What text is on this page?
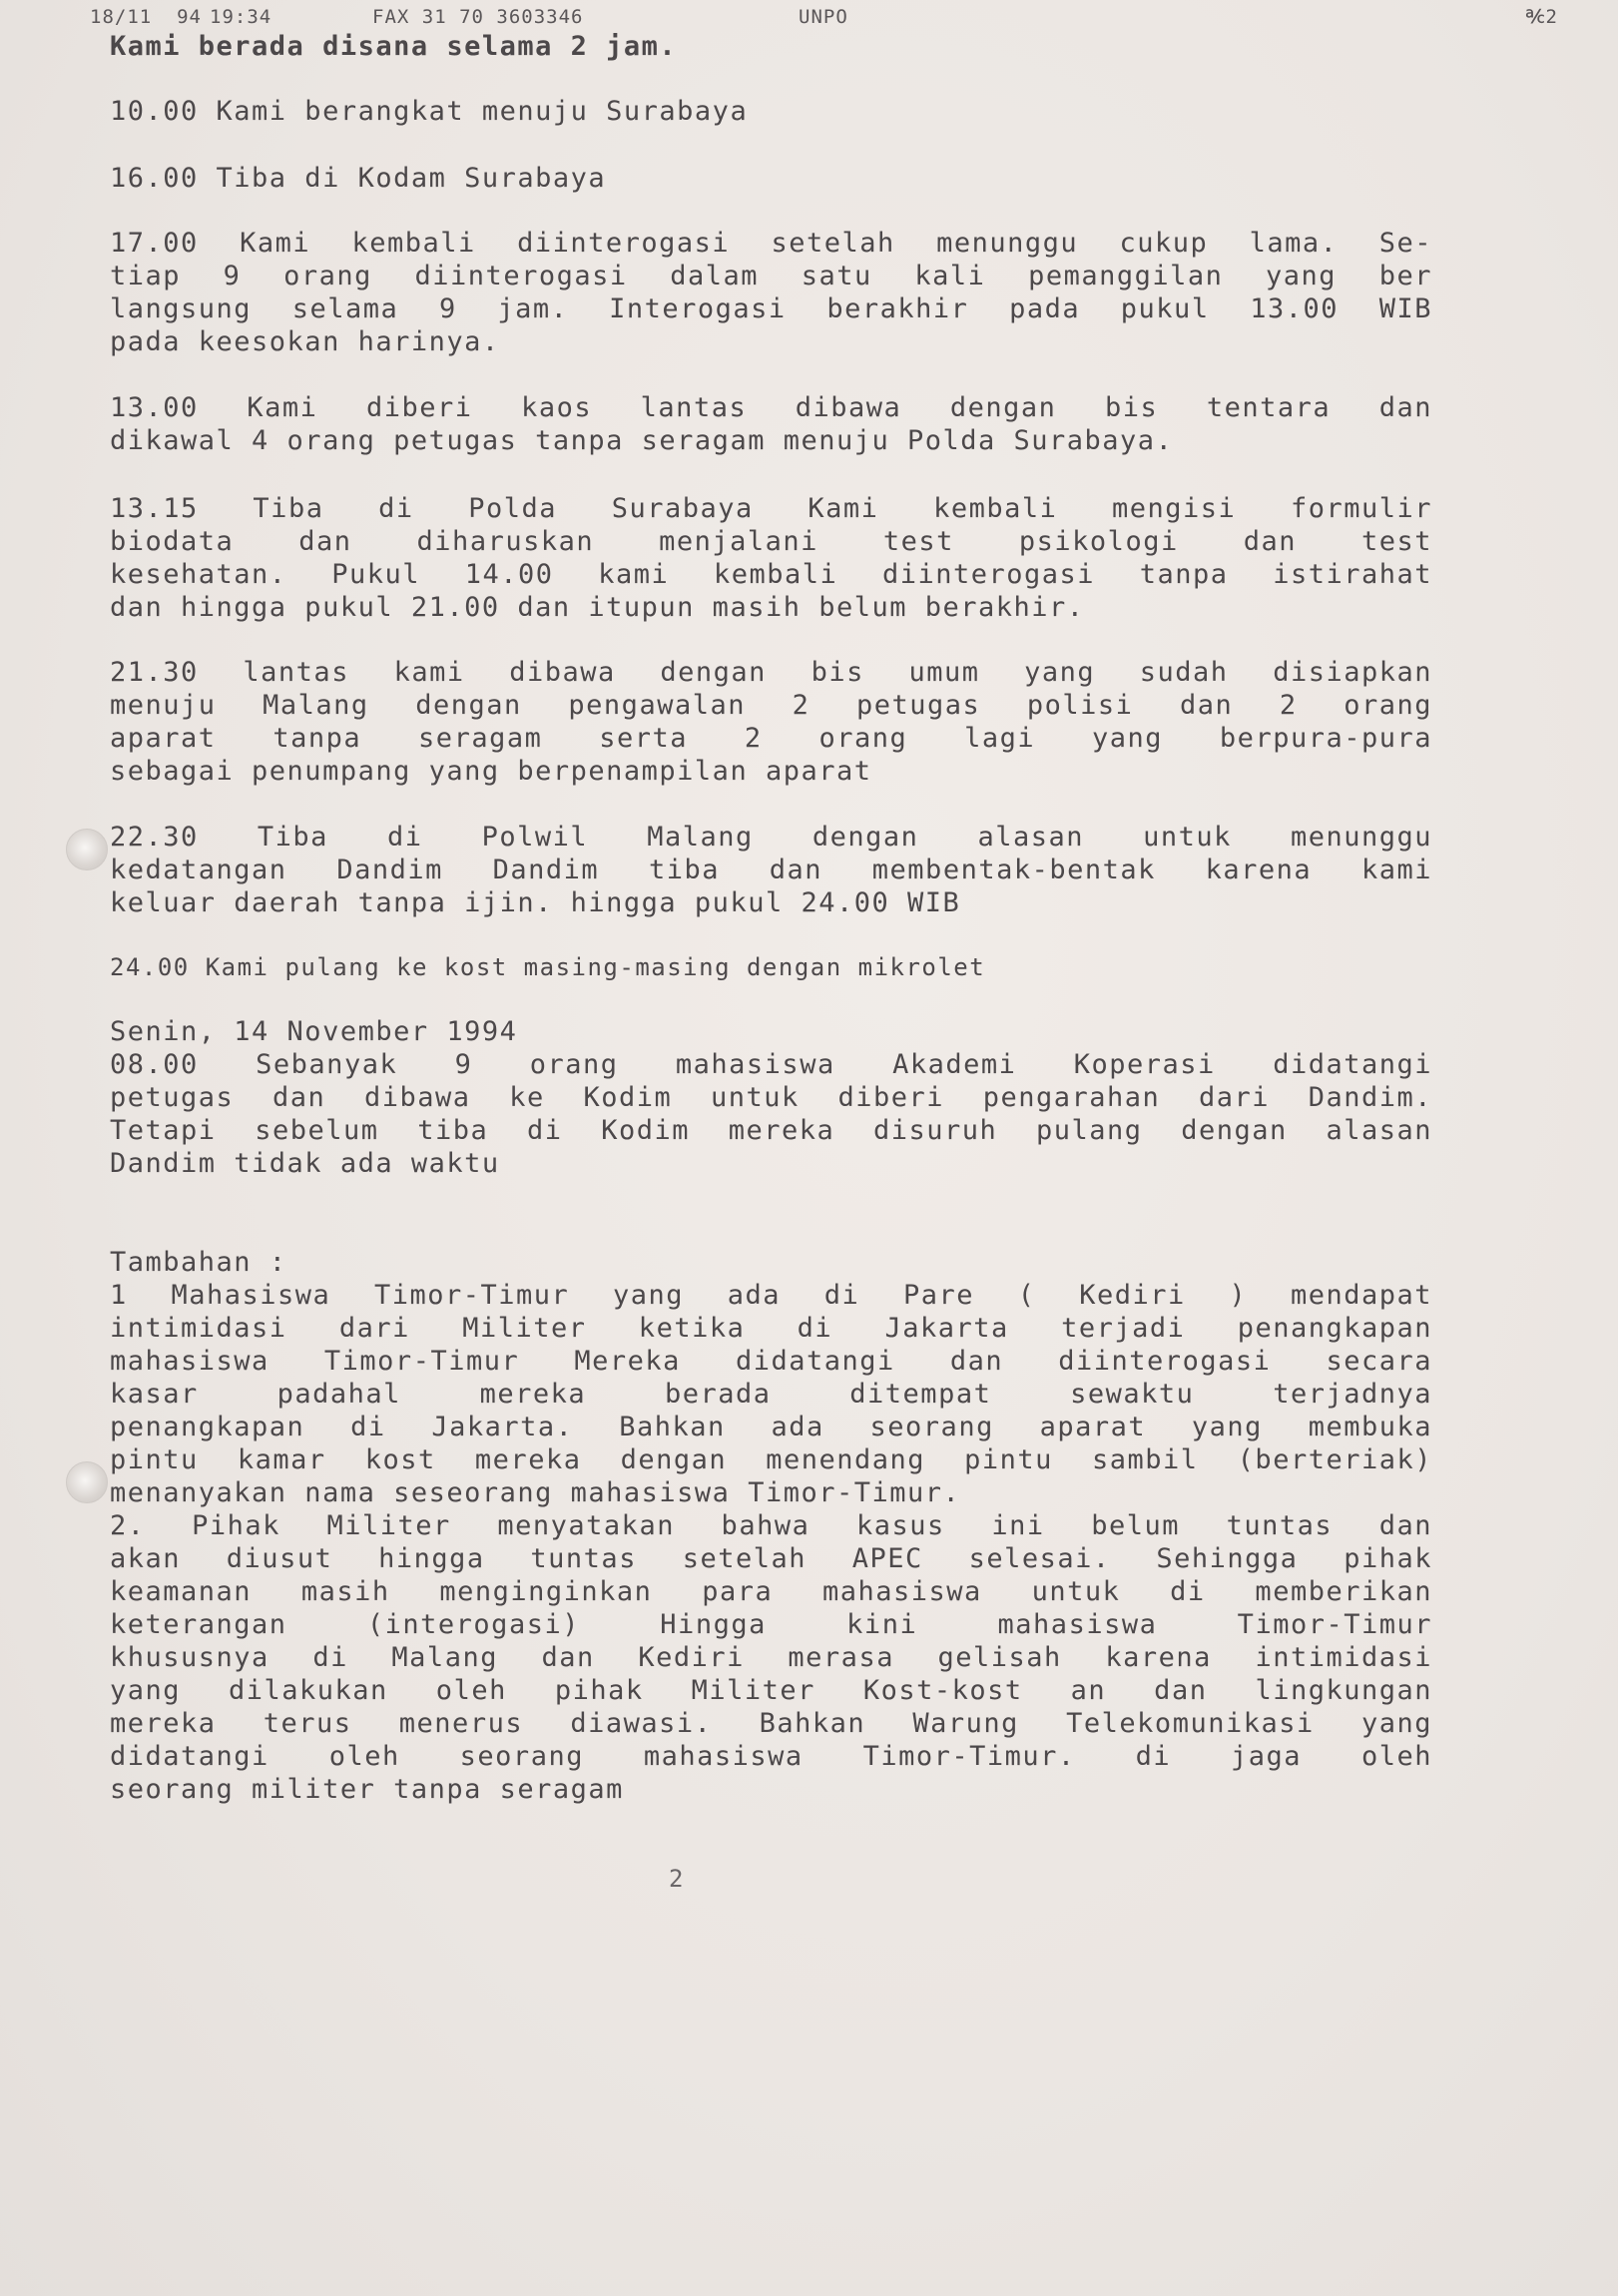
18/11  94 19:34	FAX 31 70 3603346	UNPO	℀2
Kami berada disana selama 2 jam.
10.00 Kami berangkat menuju Surabaya
16.00 Tiba di Kodam Surabaya
17.00 Kami kembali diinterogasi setelah menunggu cukup lama. Se-
tiap 9 orang diinterogasi dalam satu kali pemanggilan yang ber
langsung selama 9 jam. Interogasi berakhir pada pukul 13.00 WIB
pada keesokan harinya.
13.00 Kami diberi kaos lantas dibawa dengan bis tentara dan
dikawal 4 orang petugas tanpa seragam menuju Polda Surabaya.
13.15 Tiba di Polda Surabaya Kami kembali mengisi formulir
biodata dan diharuskan menjalani test psikologi dan test
kesehatan. Pukul 14.00 kami kembali diinterogasi tanpa istirahat
dan hingga pukul 21.00 dan itupun masih belum berakhir.
21.30 lantas kami dibawa dengan bis umum yang sudah disiapkan
menuju Malang dengan pengawalan 2 petugas polisi dan 2 orang
aparat tanpa seragam serta 2 orang lagi yang berpura-pura
sebagai penumpang yang berpenampilan aparat
22.30 Tiba di Polwil Malang dengan alasan untuk menunggu
kedatangan Dandim Dandim tiba dan membentak-bentak karena kami
keluar daerah tanpa ijin. hingga pukul 24.00 WIB
24.00 Kami pulang ke kost masing-masing dengan mikrolet
Senin, 14 November 1994
08.00 Sebanyak 9 orang mahasiswa Akademi Koperasi didatangi
petugas dan dibawa ke Kodim untuk diberi pengarahan dari Dandim.
Tetapi sebelum tiba di Kodim mereka disuruh pulang dengan alasan
Dandim tidak ada waktu
Tambahan :
1 Mahasiswa Timor-Timur yang ada di Pare ( Kediri ) mendapat
intimidasi dari Militer ketika di Jakarta terjadi penangkapan
mahasiswa Timor-Timur Mereka didatangi dan diinterogasi secara
kasar padahal mereka berada ditempat sewaktu terjadnya
penangkapan di Jakarta. Bahkan ada seorang aparat yang membuka
pintu kamar kost mereka dengan menendang pintu sambil (berteriak)
menanyakan nama seseorang mahasiswa Timor-Timur.
2. Pihak Militer menyatakan bahwa kasus ini belum tuntas dan
akan diusut hingga tuntas setelah APEC selesai. Sehingga pihak
keamanan masih menginginkan para mahasiswa untuk di memberikan
keterangan (interogasi) Hingga kini mahasiswa Timor-Timur
khususnya di Malang dan Kediri merasa gelisah karena intimidasi
yang dilakukan oleh pihak Militer Kost-kost an dan lingkungan
mereka terus menerus diawasi. Bahkan Warung Telekomunikasi yang
didatangi oleh seorang mahasiswa Timor-Timur. di jaga oleh
seorang militer tanpa seragam
2
